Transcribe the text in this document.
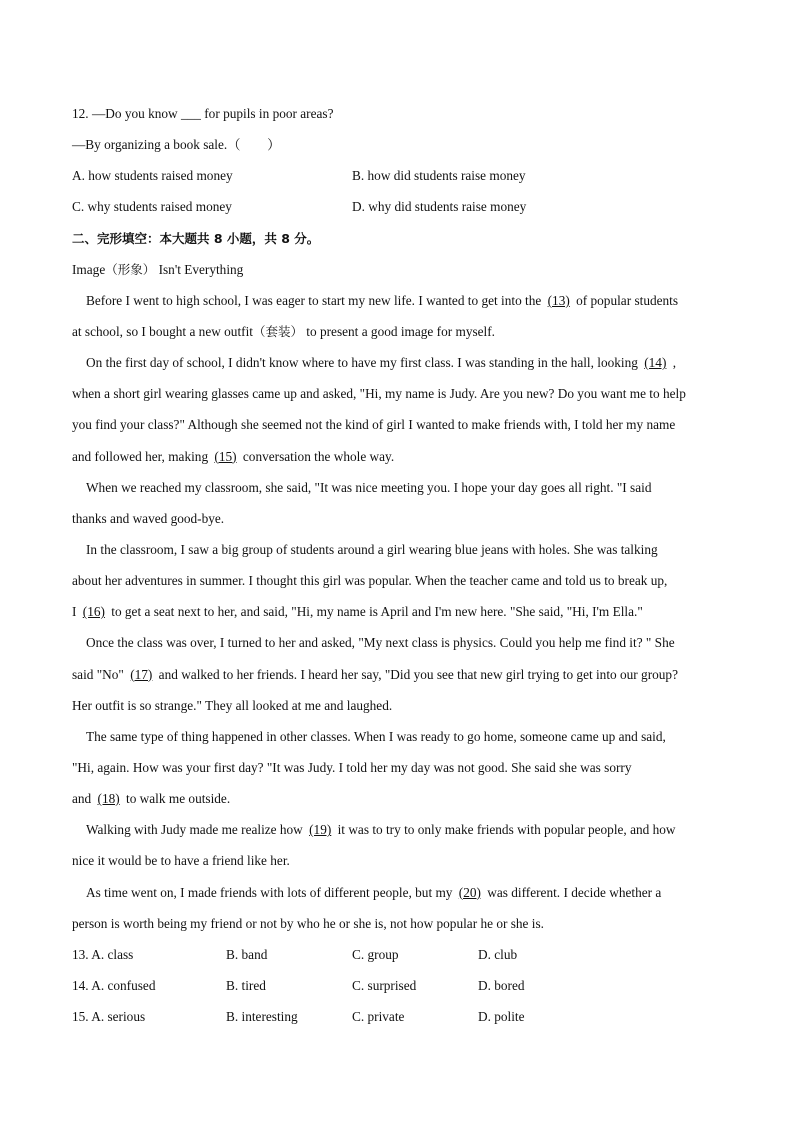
12. —Do you know ___ for pupils in poor areas?
—By organizing a book sale.（　　）
A. how students raised money	B. how did students raise money
C. why students raised money	D. why did students raise money
二、完形填空：本大题共 8 小题，共 8 分。
Image（形象） Isn't Everything
Before I went to high school, I was eager to start my new life. I wanted to get into the (13) of popular students
at school, so I bought a new outfit（套装） to present a good image for myself.
On the first day of school, I didn't know where to have my first class. I was standing in the hall, looking (14) ,
when a short girl wearing glasses came up and asked, "Hi, my name is Judy. Are you new? Do you want me to help
you find your class?" Although she seemed not the kind of girl I wanted to make friends with, I told her my name
and followed her, making (15) conversation the whole way.
When we reached my classroom, she said, "It was nice meeting you. I hope your day goes all right. "I said
thanks and waved good-bye.
In the classroom, I saw a big group of students around a girl wearing blue jeans with holes. She was talking
about her adventures in summer. I thought this girl was popular. When the teacher came and told us to break up,
I (16) to get a seat next to her, and said, "Hi, my name is April and I'm new here. "She said, "Hi, I'm Ella."
Once the class was over, I turned to her and asked, "My next class is physics. Could you help me find it? " She
said "No" (17) and walked to her friends. I heard her say, "Did you see that new girl trying to get into our group?
Her outfit is so strange." They all looked at me and laughed.
The same type of thing happened in other classes. When I was ready to go home, someone came up and said,
"Hi, again. How was your first day? "It was Judy. I told her my day was not good. She said she was sorry
and (18) to walk me outside.
Walking with Judy made me realize how (19) it was to try to only make friends with popular people, and how
nice it would be to have a friend like her.
As time went on, I made friends with lots of different people, but my (20) was different. I decide whether a
person is worth being my friend or not by who he or she is, not how popular he or she is.
13. A. class	B. band	C. group	D. club
14. A. confused	B. tired	C. surprised	D. bored
15. A. serious	B. interesting	C. private	D. polite
